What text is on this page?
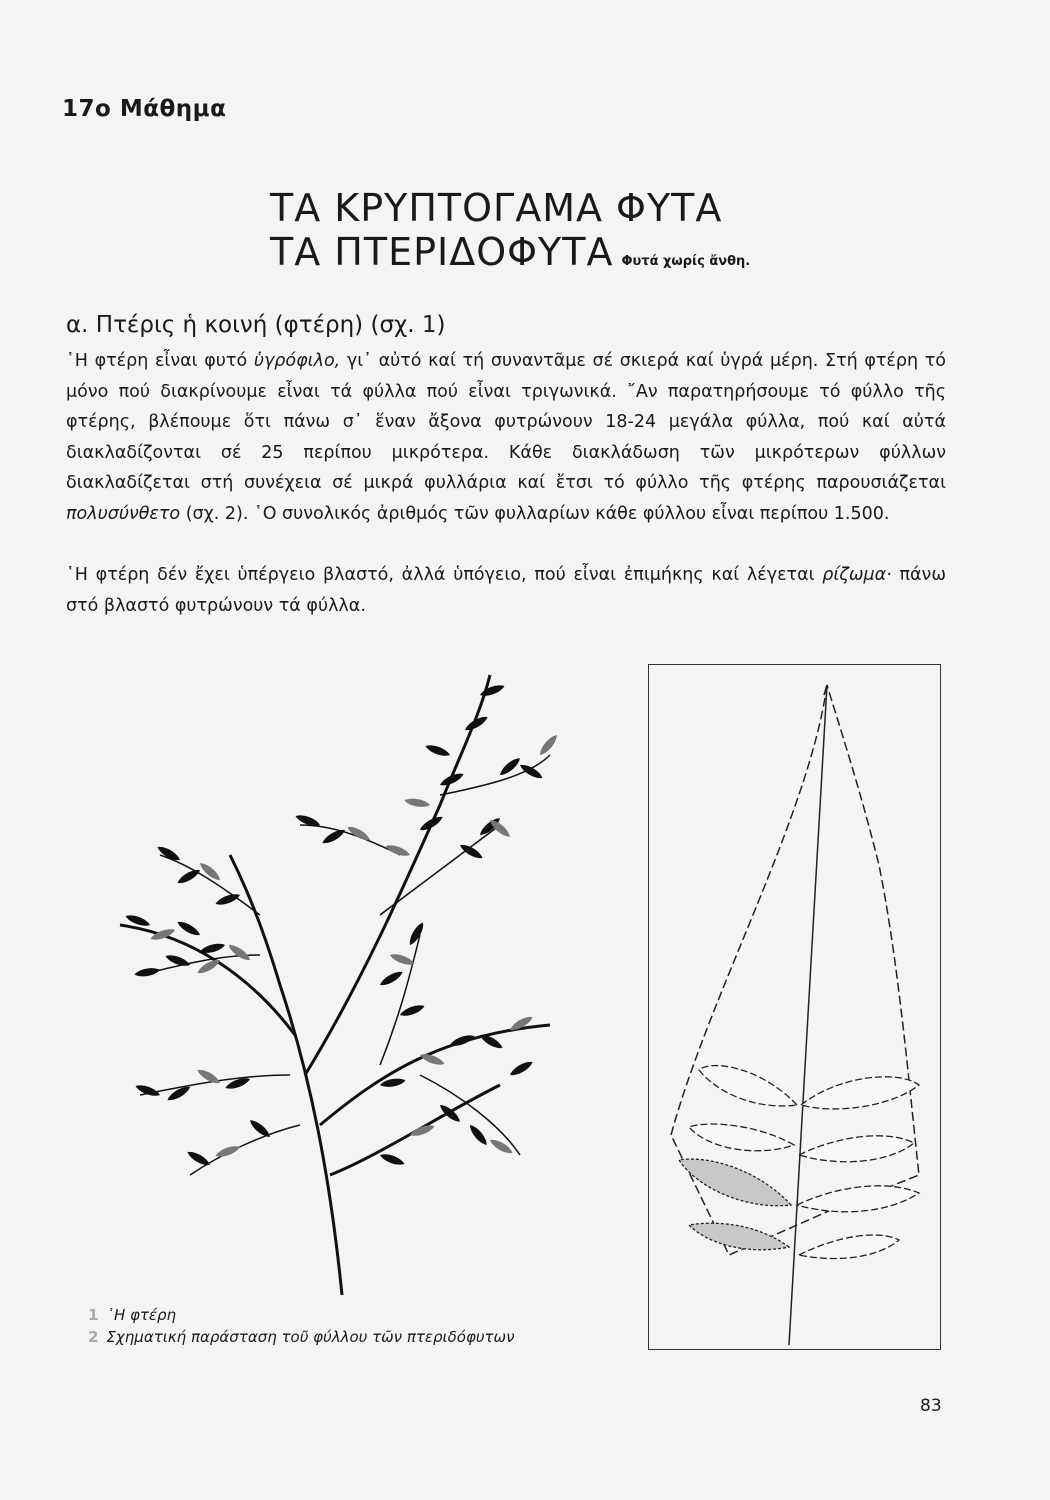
17ο Μάθημα
ΤΑ ΚΡΥΠΤΟΓΑΜΑ ΦΥΤΑ
ΤΑ ΠΤΕΡΙΔΟΦΥΤΑ Φυτά χωρίς ἄνθη.
α. Πτέρις ἡ κοινή (φτέρη) (σχ. 1)
῾Η φτέρη εἶναι φυτό ὑγρόφιλο, γι᾽ αὐτό καί τή συναντᾶμε σέ σκιερά καί ὑγρά μέρη. Στή φτέρη τό μόνο πού διακρίνουμε εἶναι τά φύλλα πού εἶναι τριγωνικά. ῎Αν παρατηρήσουμε τό φύλλο τῆς φτέρης, βλέπουμε ὅτι πάνω σ᾽ ἕναν ἄξονα φυτρώνουν 18-24 μεγάλα φύλλα, πού καί αὐτά διακλαδίζονται σέ 25 περίπου μικρότερα. Κάθε διακλάδωση τῶν μικρότερων φύλλων διακλαδίζεται στή συνέχεια σέ μικρά φυλλάρια καί ἔτσι τό φύλλο τῆς φτέρης παρουσιάζεται πολυσύνθετο (σχ. 2). ῾Ο συνολικός ἀριθμός τῶν φυλλαρίων κάθε φύλλου εἶναι περίπου 1.500.
῾Η φτέρη δέν ἔχει ὑπέργειο βλαστό, ἀλλά ὑπόγειο, πού εἶναι ἐπιμήκης καί λέγεται ρίζωμα· πάνω στό βλαστό φυτρώνουν τά φύλλα.
1 ῾Η φτέρη
2 Σχηματική παράσταση τοῦ φύλλου τῶν πτεριδόφυτων
83
